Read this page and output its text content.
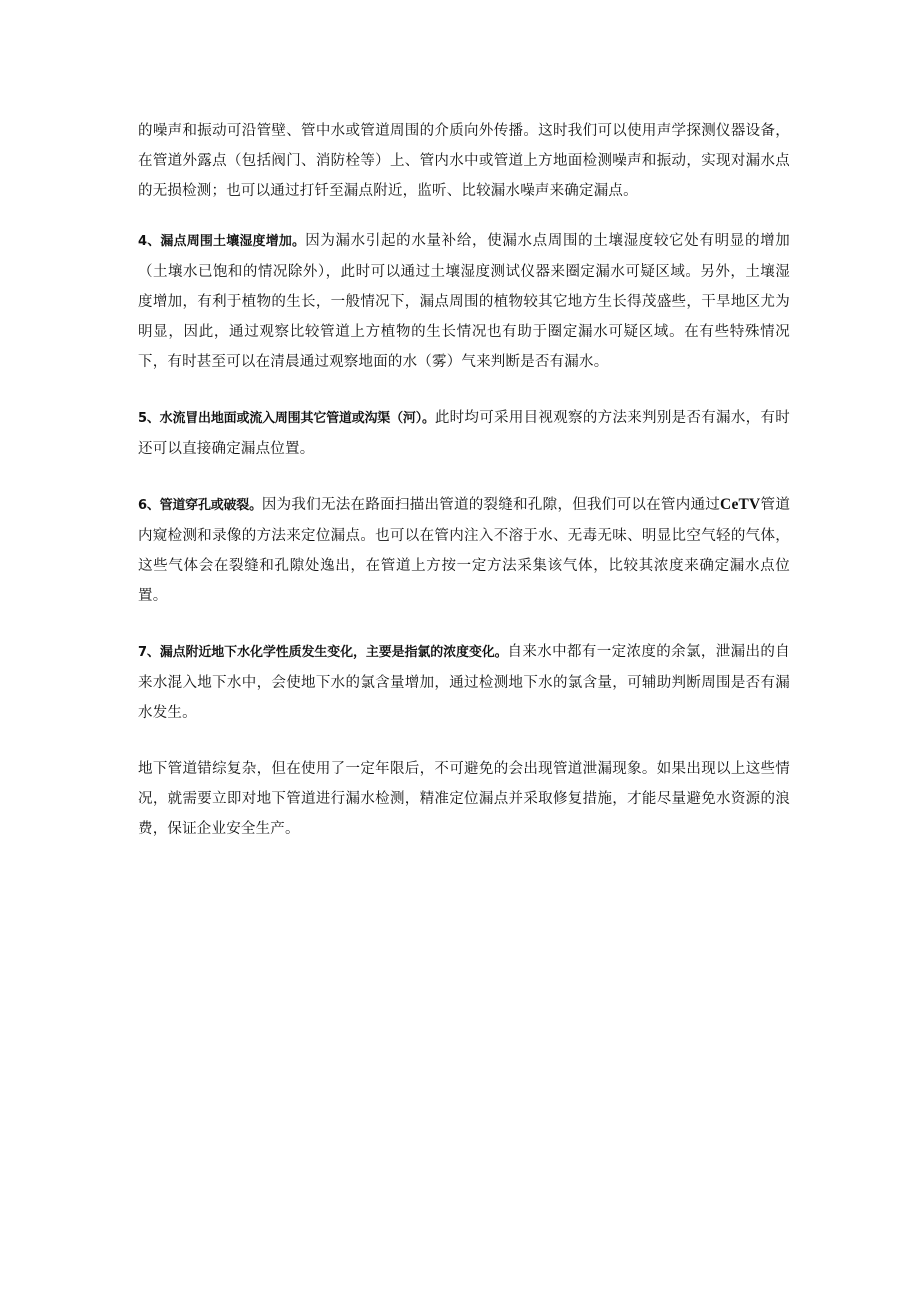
的噪声和振动可沿管壁、管中水或管道周围的介质向外传播。这时我们可以使用声学探测仪器设备，在管道外露点（包括阀门、消防栓等）上、管内水中或管道上方地面检测噪声和振动，实现对漏水点的无损检测；也可以通过打钎至漏点附近，监听、比较漏水噪声来确定漏点。

4、漏点周围土壤湿度增加。因为漏水引起的水量补给，使漏水点周围的土壤湿度较它处有明显的增加（土壤水已饱和的情况除外），此时可以通过土壤湿度测试仪器来圈定漏水可疑区域。另外，土壤湿度增加，有利于植物的生长，一般情况下，漏点周围的植物较其它地方生长得茂盛些，干旱地区尤为明显，因此，通过观察比较管道上方植物的生长情况也有助于圈定漏水可疑区域。在有些特殊情况下，有时甚至可以在清晨通过观察地面的水（雾）气来判断是否有漏水。

5、水流冒出地面或流入周围其它管道或沟渠（河）。此时均可采用目视观察的方法来判别是否有漏水，有时还可以直接确定漏点位置。

6、管道穿孔或破裂。因为我们无法在路面扫描出管道的裂缝和孔隙，但我们可以在管内通过CeTV管道内窥检测和录像的方法来定位漏点。也可以在管内注入不溶于水、无毒无味、明显比空气轻的气体，这些气体会在裂缝和孔隙处逸出，在管道上方按一定方法采集该气体，比较其浓度来确定漏水点位置。

7、漏点附近地下水化学性质发生变化，主要是指氯的浓度变化。自来水中都有一定浓度的余氯，泄漏出的自来水混入地下水中，会使地下水的氯含量增加，通过检测地下水的氯含量，可辅助判断周围是否有漏水发生。

地下管道错综复杂，但在使用了一定年限后，不可避免的会出现管道泄漏现象。如果出现以上这些情况，就需要立即对地下管道进行漏水检测，精准定位漏点并采取修复措施，才能尽量避免水资源的浪费，保证企业安全生产。
